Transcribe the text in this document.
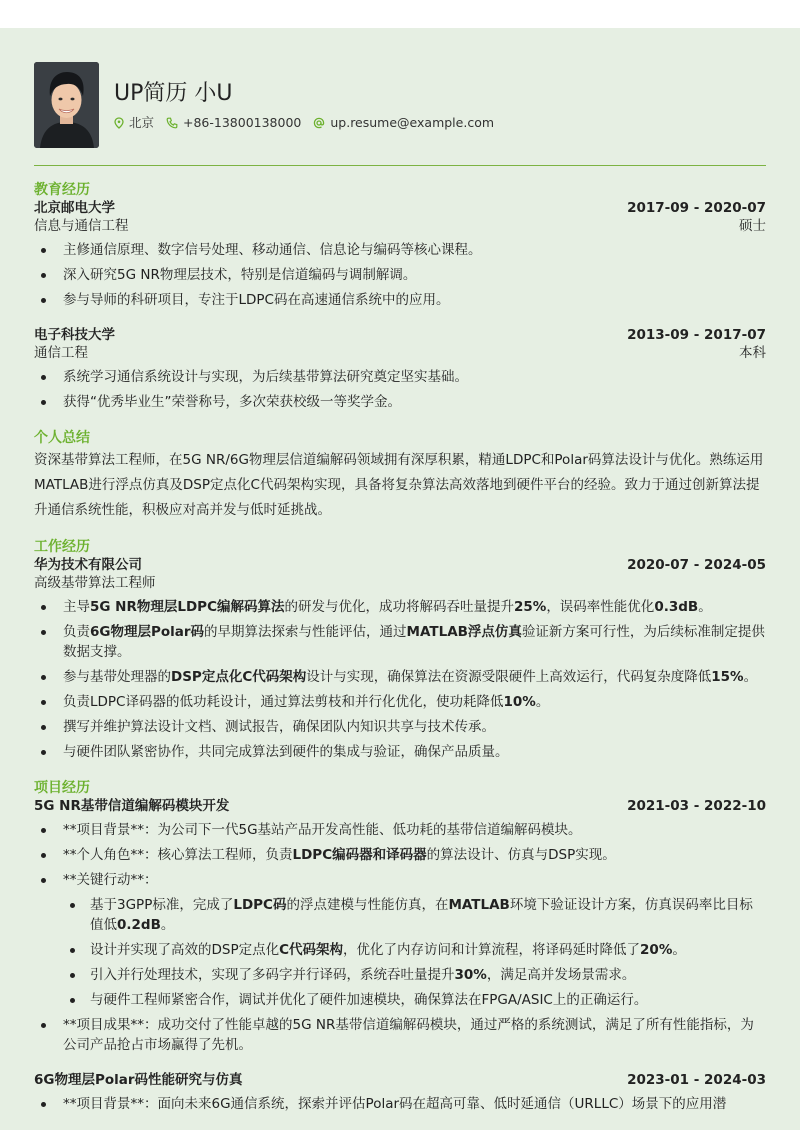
UP简历 小U
北京
+86-13800138000
up.resume@example.com
教育经历
北京邮电大学	2017-09 - 2020-07
信息与通信工程	硕士
主修通信原理、数字信号处理、移动通信、信息论与编码等核心课程。
深入研究5G NR物理层技术，特别是信道编码与调制解调。
参与导师的科研项目，专注于LDPC码在高速通信系统中的应用。
电子科技大学	2013-09 - 2017-07
通信工程	本科
系统学习通信系统设计与实现，为后续基带算法研究奠定坚实基础。
获得“优秀毕业生”荣誉称号，多次荣获校级一等奖学金。
个人总结
资深基带算法工程师，在5G NR/6G物理层信道编解码领域拥有深厚积累，精通LDPC和Polar码算法设计与优化。熟练运用MATLAB进行浮点仿真及DSP定点化C代码架构实现，具备将复杂算法高效落地到硬件平台的经验。致力于通过创新算法提升通信系统性能，积极应对高并发与低时延挑战。
工作经历
华为技术有限公司	2020-07 - 2024-05
高级基带算法工程师
主导5G NR物理层LDPC编解码算法的研发与优化，成功将解码吞吐量提升25%，误码率性能优化0.3dB。
负责6G物理层Polar码的早期算法探索与性能评估，通过MATLAB浮点仿真验证新方案可行性，为后续标准制定提供数据支撑。
参与基带处理器的DSP定点化C代码架构设计与实现，确保算法在资源受限硬件上高效运行，代码复杂度降低15%。
负责LDPC译码器的低功耗设计，通过算法剪枝和并行化优化，使功耗降低10%。
撰写并维护算法设计文档、测试报告，确保团队内知识共享与技术传承。
与硬件团队紧密协作，共同完成算法到硬件的集成与验证，确保产品质量。
项目经历
5G NR基带信道编解码模块开发	2021-03 - 2022-10
**项目背景**：为公司下一代5G基站产品开发高性能、低功耗的基带信道编解码模块。
**个人角色**：核心算法工程师，负责LDPC编码器和译码器的算法设计、仿真与DSP实现。
**关键行动**：
基于3GPP标准，完成了LDPC码的浮点建模与性能仿真，在MATLAB环境下验证设计方案，仿真误码率比目标值低0.2dB。
设计并实现了高效的DSP定点化C代码架构，优化了内存访问和计算流程，将译码延时降低了20%。
引入并行处理技术，实现了多码字并行译码，系统吞吐量提升30%，满足高并发场景需求。
与硬件工程师紧密合作，调试并优化了硬件加速模块，确保算法在FPGA/ASIC上的正确运行。
**项目成果**：成功交付了性能卓越的5G NR基带信道编解码模块，通过严格的系统测试，满足了所有性能指标，为公司产品抢占市场赢得了先机。
6G物理层Polar码性能研究与仿真	2023-01 - 2024-03
**项目背景**：面向未来6G通信系统，探索并评估Polar码在超高可靠、低时延通信（URLLC）场景下的应用潜
